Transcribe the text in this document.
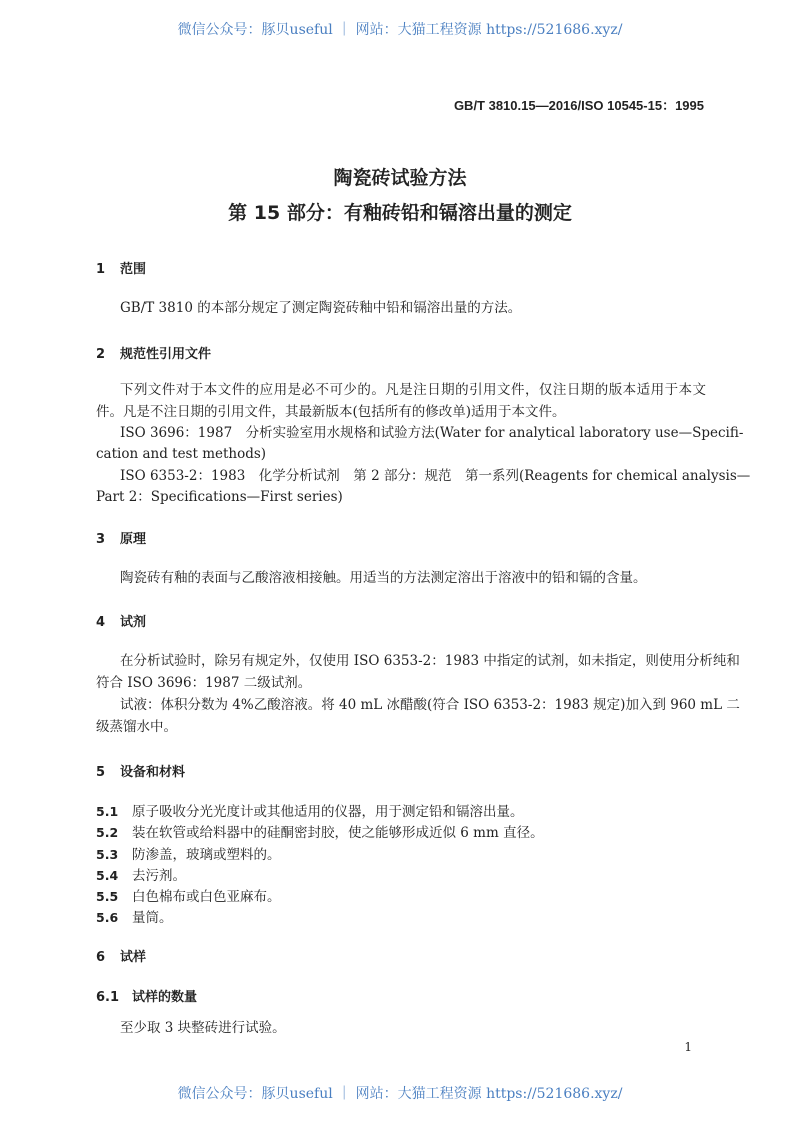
微信公众号：豚贝useful ｜ 网站：大猫工程资源 https://521686.xyz/
GB/T 3810.15—2016/ISO 10545-15：1995
陶瓷砖试验方法
第 15 部分：有釉砖铅和镉溶出量的测定
1 范围
GB/T 3810 的本部分规定了测定陶瓷砖釉中铅和镉溶出量的方法。
2 规范性引用文件
下列文件对于本文件的应用是必不可少的。凡是注日期的引用文件，仅注日期的版本适用于本文
件。凡是不注日期的引用文件，其最新版本(包括所有的修改单)适用于本文件。
ISO 3696：1987　分析实验室用水规格和试验方法(Water for analytical laboratory use—Specifi-
cation and test methods)
ISO 6353-2：1983　化学分析试剂　第 2 部分：规范　第一系列(Reagents for chemical analysis—
Part 2：Specifications—First series)
3 原理
陶瓷砖有釉的表面与乙酸溶液相接触。用适当的方法测定溶出于溶液中的铅和镉的含量。
4 试剂
在分析试验时，除另有规定外，仅使用 ISO 6353-2：1983 中指定的试剂，如未指定，则使用分析纯和
符合 ISO 3696：1987 二级试剂。
试液：体积分数为 4%乙酸溶液。将 40 mL 冰醋酸(符合 ISO 6353-2：1983 规定)加入到 960 mL 二
级蒸馏水中。
5 设备和材料
5.1 原子吸收分光光度计或其他适用的仪器，用于测定铅和镉溶出量。
5.2 装在软管或给料器中的硅酮密封胶，使之能够形成近似 6 mm 直径。
5.3 防渗盖，玻璃或塑料的。
5.4 去污剂。
5.5 白色棉布或白色亚麻布。
5.6 量筒。
6 试样
6.1 试样的数量
至少取 3 块整砖进行试验。
1
微信公众号：豚贝useful ｜ 网站：大猫工程资源 https://521686.xyz/
